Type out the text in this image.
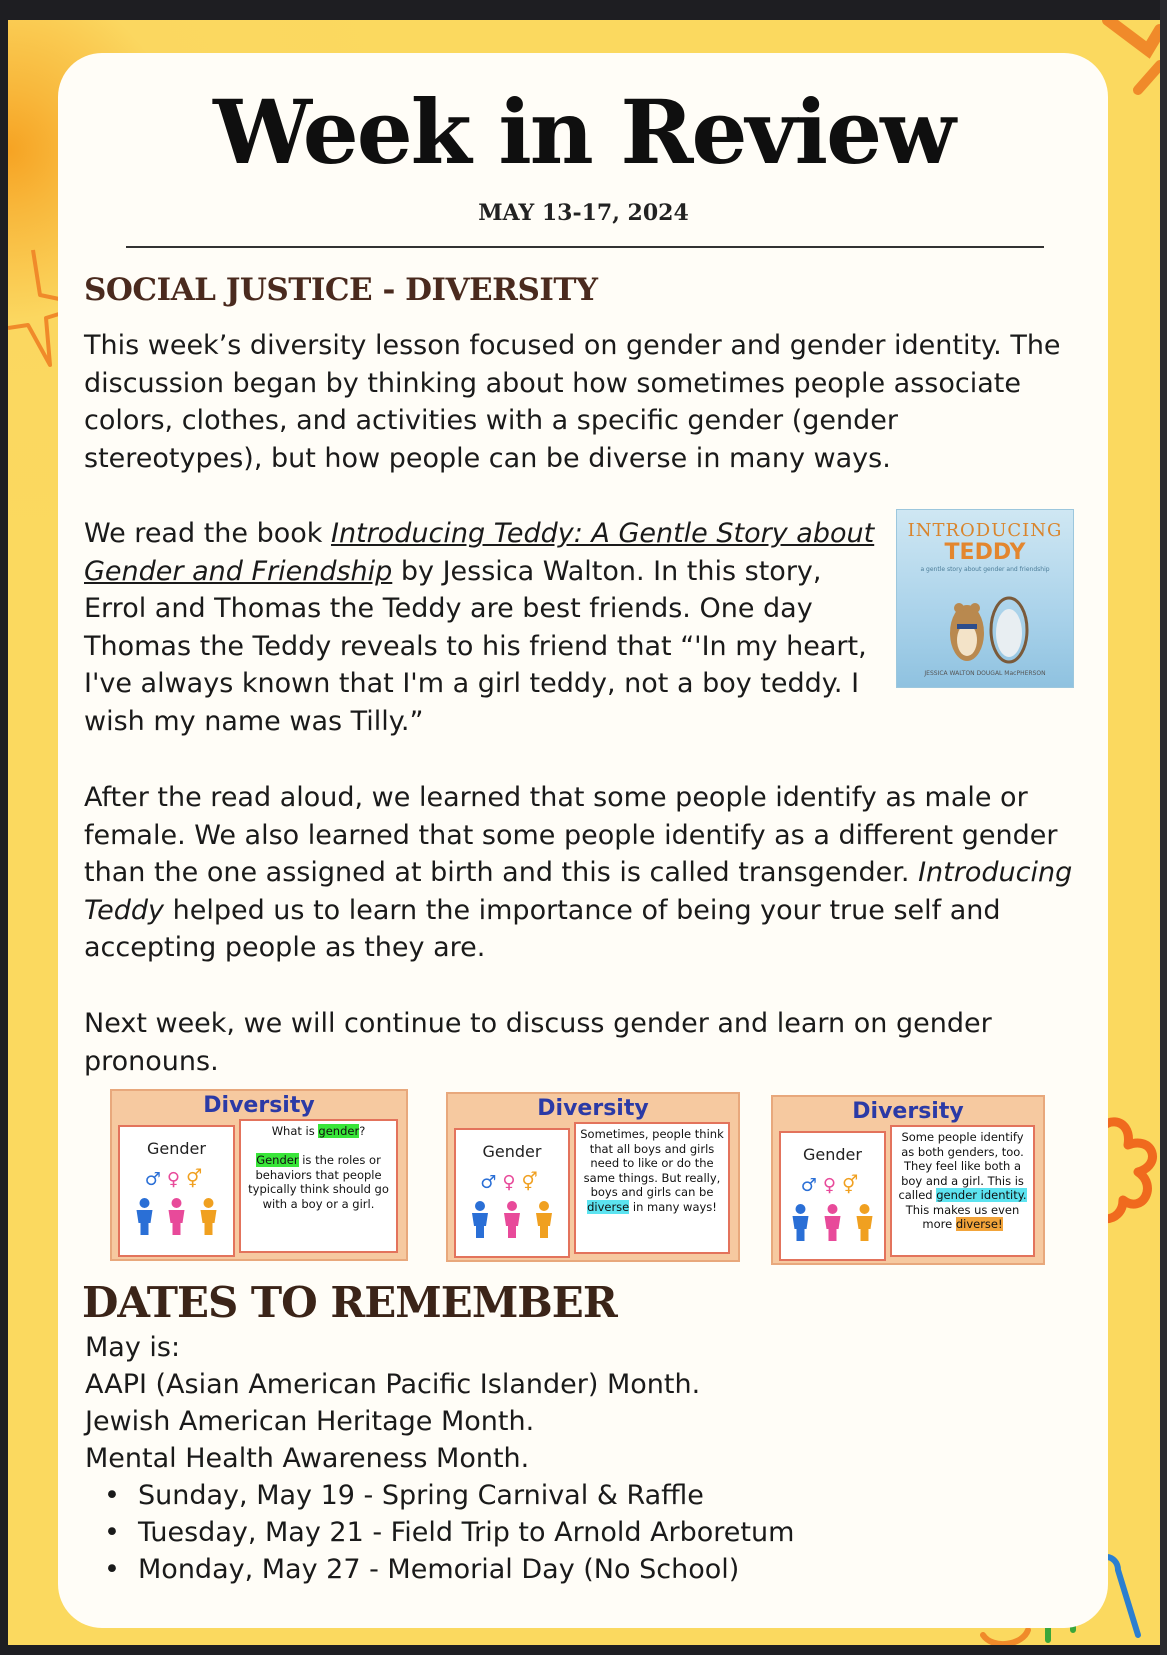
Week in Review
MAY 13-17, 2024
SOCIAL JUSTICE - DIVERSITY
This week’s diversity lesson focused on gender and gender identity. The discussion began by thinking about how sometimes people associate colors, clothes, and activities with a specific gender (gender stereotypes), but how people can be diverse in many ways.
We read the book Introducing Teddy: A Gentle Story about Gender and Friendship by Jessica Walton. In this story, Errol and Thomas the Teddy are best friends. One day Thomas the Teddy reveals to his friend that “'In my heart, I've always known that I'm a girl teddy, not a boy teddy. I wish my name was Tilly.”
INTRODUCING
TEDDY
a gentle story about gender and friendship
JESSICA WALTON DOUGAL MacPHERSON
After the read aloud, we learned that some people identify as male or female. We also learned that some people identify as a different gender than the one assigned at birth and this is called transgender. Introducing Teddy helped us to learn the importance of being your true self and accepting people as they are.
Next week, we will continue to discuss gender and learn on gender pronouns.
Diversity
Gender
♂♀⚥
What is gender?

Gender is the roles or behaviors that people typically think should go with a boy or a girl.
Diversity
Gender
♂♀⚥
Sometimes, people think that all boys and girls need to like or do the same things. But really, boys and girls can be diverse in many ways!
Diversity
Gender
♂♀⚥
Some people identify as both genders, too. They feel like both a boy and a girl. This is called gender identity.
This makes us even more diverse!
DATES TO REMEMBER
May is:
AAPI (Asian American Pacific Islander) Month.
Jewish American Heritage Month.
Mental Health Awareness Month.
• Sunday, May 19 - Spring Carnival & Raffle
• Tuesday, May 21 - Field Trip to Arnold Arboretum
• Monday, May 27 - Memorial Day (No School)
